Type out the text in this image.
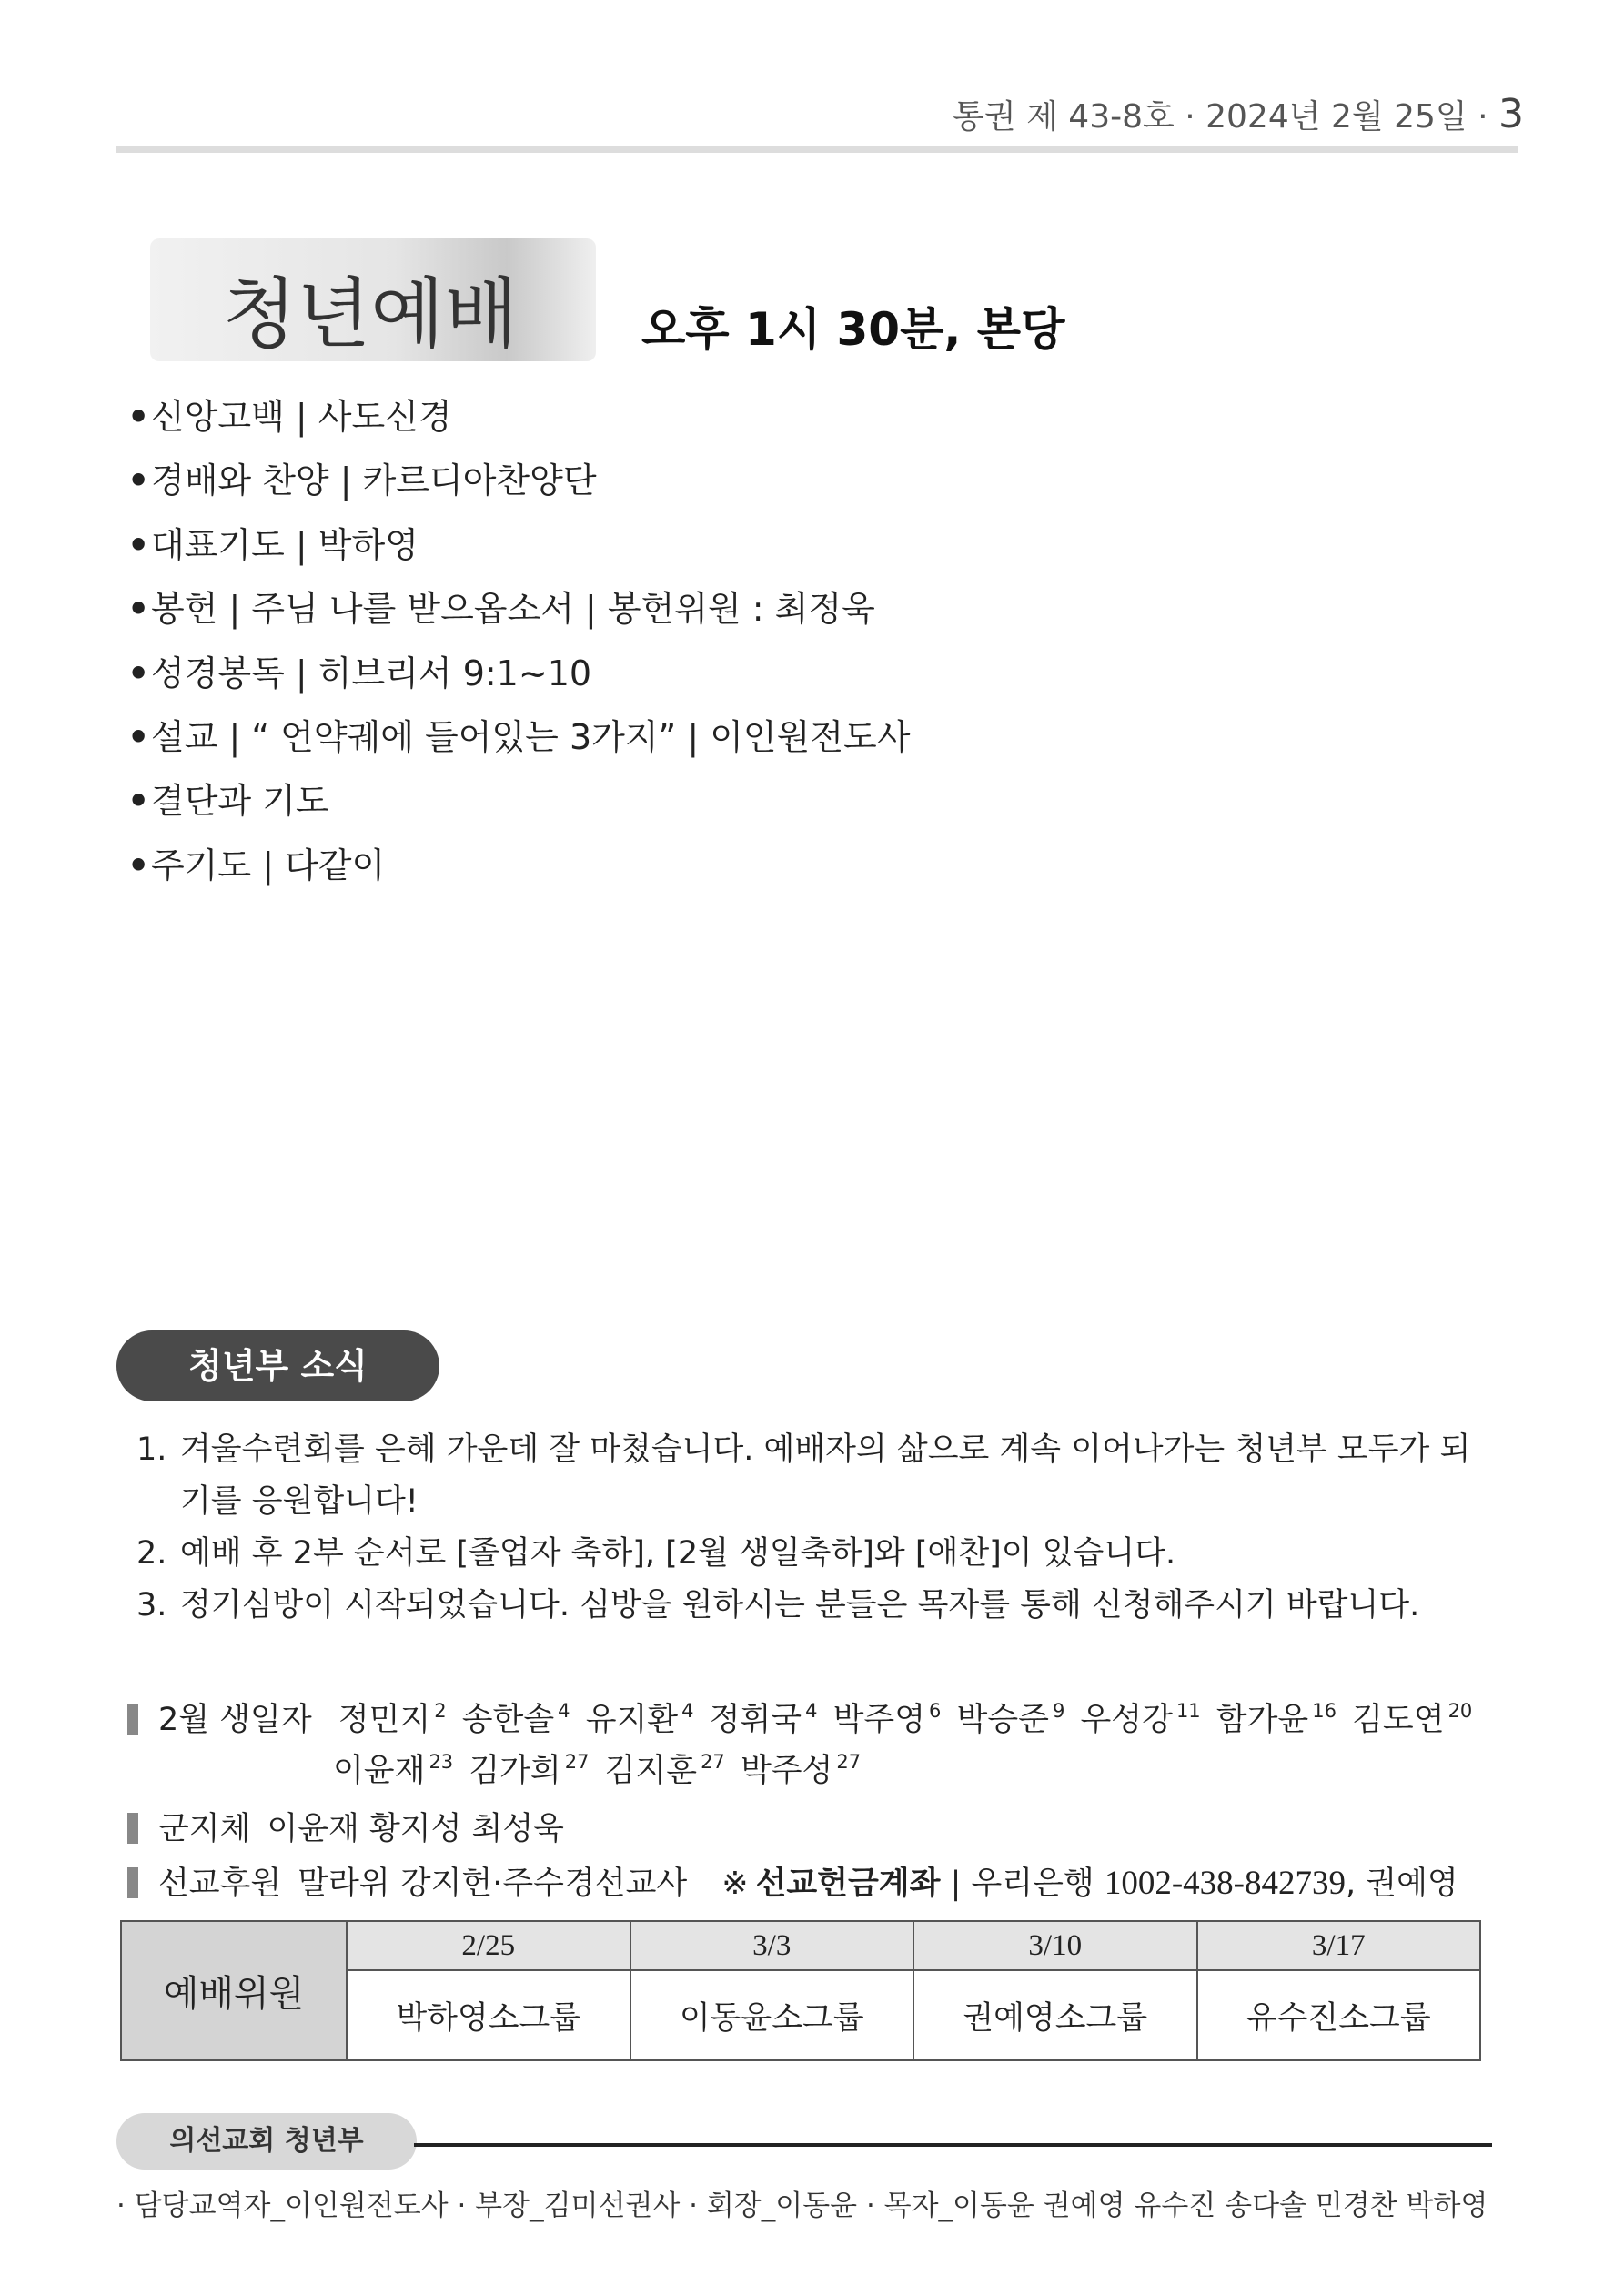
통권 제 43-8호 · 2024년 2월 25일 · 3
청년예배	오후 1시 30분, 본당
•신앙고백 | 사도신경
•경배와 찬양 | 카르디아찬양단
•대표기도 | 박하영
•봉헌 | 주님 나를 받으옵소서 | 봉헌위원 : 최정욱
•성경봉독 | 히브리서 9:1~10
•설교 | “ 언약궤에 들어있는 3가지” | 이인원전도사
•결단과 기도
•주기도 | 다같이
청년부 소식
1. 겨울수련회를 은혜 가운데 잘 마쳤습니다. 예배자의 삶으로 계속 이어나가는 청년부 모두가 되기를 응원합니다!
2. 예배 후 2부 순서로 [졸업자 축하], [2월 생일축하]와 [애찬]이 있습니다.
3. 정기심방이 시작되었습니다. 심방을 원하시는 분들은 목자를 통해 신청해주시기 바랍니다.
2월 생일자 정민지 $^2$ 송한솔 $^4$ 유지환 $^4$ 정휘국 $^4$ 박주영 $^6$ 박승준 $^9$ 우성강 $^{11}$ 함가윤 $^{16}$ 김도연 $^{20}$
이윤재 $^{23}$ 김가희 $^{27}$ 김지훈 $^{27}$ 박주성 $^{27}$
군지체 이윤재 황지성 최성욱
선교후원 말라위 강지헌·주수경선교사 ※ 선교헌금계좌 | 우리은행 1002-438-842739, 권예영
예배위원	2/25	3/3	3/10	3/17
	박하영소그룹	이동윤소그룹	권예영소그룹	유수진소그룹
의선교회 청년부
· 담당교역자_이인원전도사 · 부장_김미선권사 · 회장_이동윤 · 목자_이동윤 권예영 유수진 송다솔 민경찬 박하영
